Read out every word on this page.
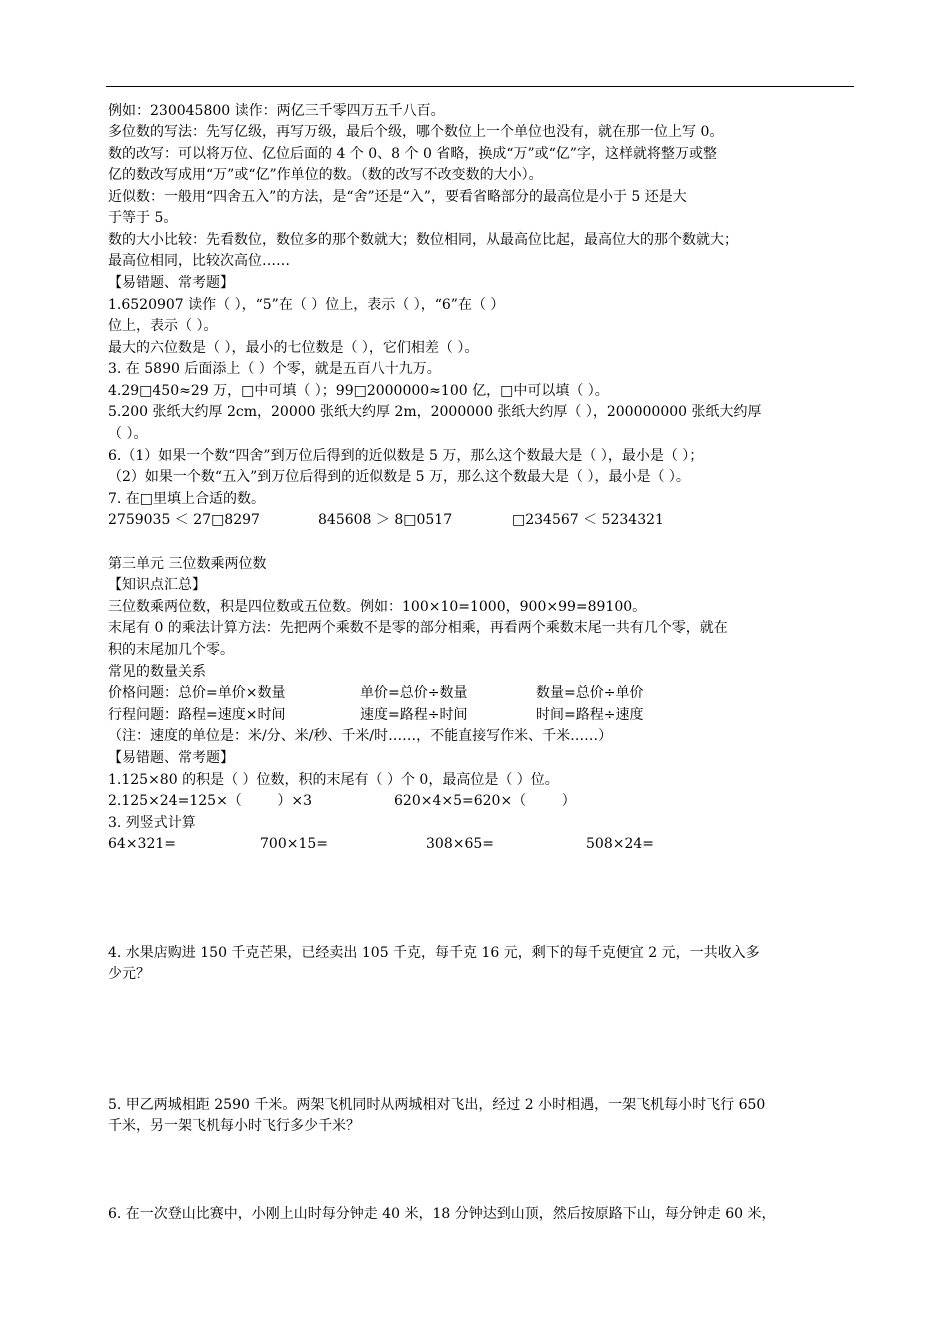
例如：230045800 读作：两亿三千零四万五千八百。
多位数的写法：先写亿级，再写万级，最后个级，哪个数位上一个单位也没有，就在那一位上写 0。
数的改写：可以将万位、亿位后面的 4 个 0、8 个 0 省略，换成“万”或“亿”字，这样就将整万或整
亿的数改写成用“万”或“亿”作单位的数。（数的改写不改变数的大小）。
近似数：一般用“四舍五入”的方法，是“舍”还是“入”，要看省略部分的最高位是小于 5 还是大
于等于 5。
数的大小比较：先看数位，数位多的那个数就大；数位相同，从最高位比起，最高位大的那个数就大；
最高位相同，比较次高位……
【易错题、常考题】
1.6520907 读作（ ），“5”在（ ）位上，表示（ ），“6”在（ ）
位上，表示（ ）。
最大的六位数是（ ），最小的七位数是（ ），它们相差（ ）。
3. 在 5890 后面添上（ ）个零，就是五百八十九万。
4.29□450≈29 万，□中可填（ ）；99□2000000≈100 亿，□中可以填（ ）。
5.200 张纸大约厚 2cm，20000 张纸大约厚 2m，2000000 张纸大约厚（ ），200000000 张纸大约厚
（ ）。
6.（1）如果一个数“四舍”到万位后得到的近似数是 5 万，那么这个数最大是（ ），最小是（ ）；
（2）如果一个数“五入”到万位后得到的近似数是 5 万，那么这个数最大是（ ），最小是（ ）。
7. 在□里填上合适的数。
2759035 ＜ 27□8297	845608 ＞ 8□0517	□234567 ＜ 5234321
第三单元 三位数乘两位数
【知识点汇总】
三位数乘两位数，积是四位数或五位数。例如：100×10=1000，900×99=89100。
末尾有 0 的乘法计算方法：先把两个乘数不是零的部分相乘，再看两个乘数末尾一共有几个零，就在
积的末尾加几个零。
常见的数量关系
价格问题：总价=单价×数量	单价=总价÷数量	数量=总价÷单价
行程问题：路程=速度×时间	速度=路程÷时间	时间=路程÷速度
（注：速度的单位是：米/分、米/秒、千米/时……，不能直接写作米、千米……）
【易错题、常考题】
1.125×80 的积是（ ）位数，积的末尾有（ ）个 0，最高位是（ ）位。
2.125×24=125×（        ）×3	620×4×5=620×（        ）
3. 列竖式计算
64×321=	700×15=	308×65=	508×24=
4. 水果店购进 150 千克芒果，已经卖出 105 千克，每千克 16 元，剩下的每千克便宜 2 元，一共收入多
少元？
5. 甲乙两城相距 2590 千米。两架飞机同时从两城相对飞出，经过 2 小时相遇，一架飞机每小时飞行 650
千米，另一架飞机每小时飞行多少千米？
6. 在一次登山比赛中，小刚上山时每分钟走 40 米，18 分钟达到山顶，然后按原路下山，每分钟走 60 米，
